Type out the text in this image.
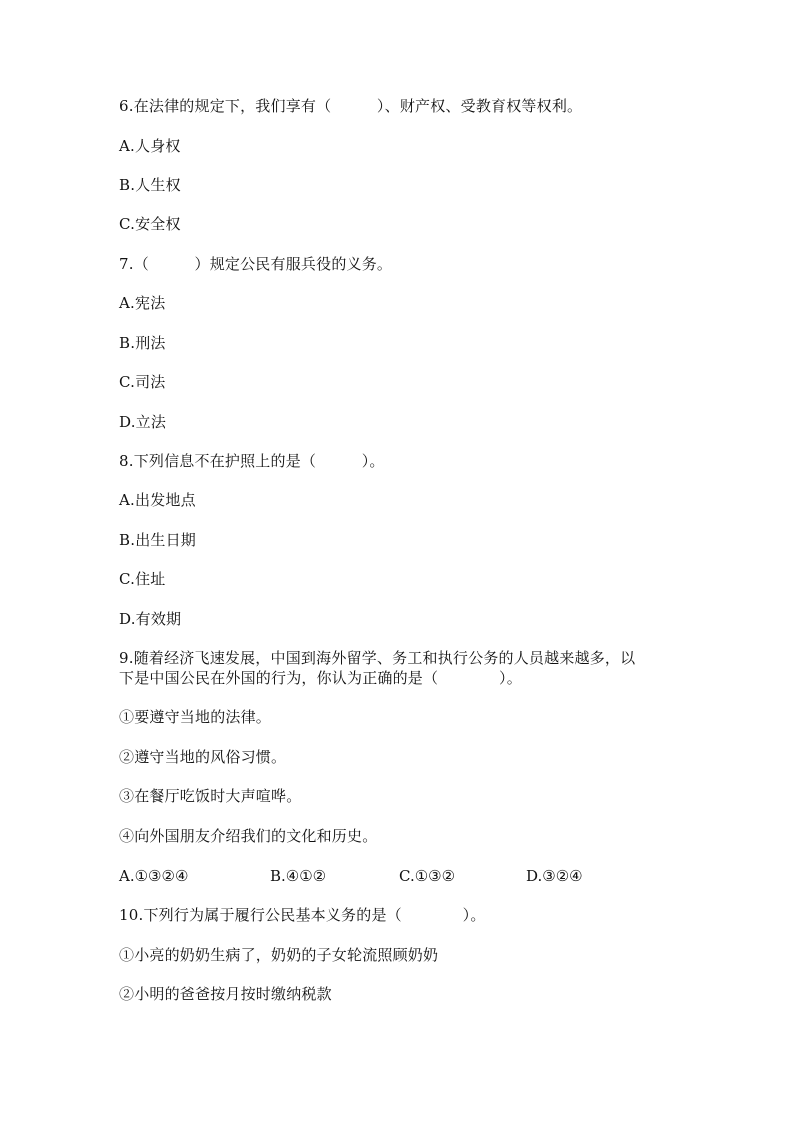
6.在法律的规定下，我们享有（　　　）、财产权、受教育权等权利。
A.人身权
B.人生权
C.安全权
7.（　　　）规定公民有服兵役的义务。
A.宪法
B.刑法
C.司法
D.立法
8.下列信息不在护照上的是（　　　）。
A.出发地点
B.出生日期
C.住址
D.有效期
9.随着经济飞速发展，中国到海外留学、务工和执行公务的人员越来越多，以
下是中国公民在外国的行为，你认为正确的是（　　　　）。
①要遵守当地的法律。
②遵守当地的风俗习惯。
③在餐厅吃饭时大声喧哗。
④向外国朋友介绍我们的文化和历史。
A.①③②④	B.④①②	C.①③②	D.③②④
10.下列行为属于履行公民基本义务的是（　　　　）。
①小亮的奶奶生病了，奶奶的子女轮流照顾奶奶
②小明的爸爸按月按时缴纳税款
